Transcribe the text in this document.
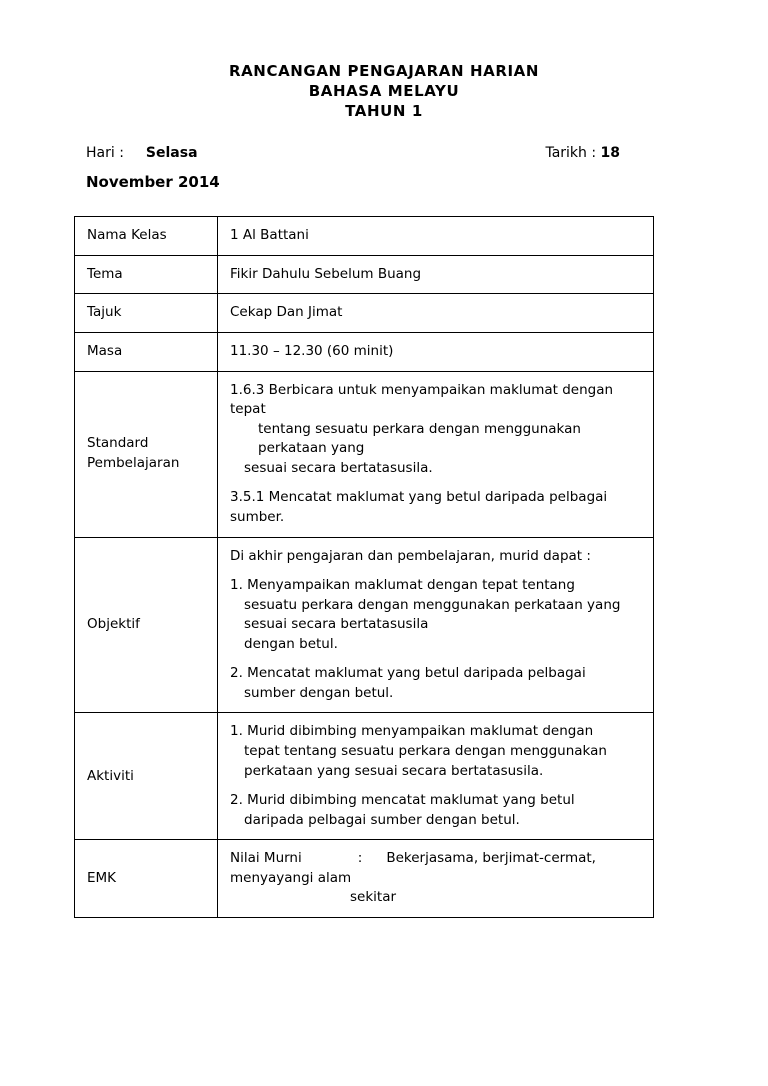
RANCANGAN PENGAJARAN HARIAN
BAHASA MELAYU
TAHUN 1
Hari : Selasa	Tarikh : 18
November 2014
Nama Kelas	1 Al Battani
Tema	Fikir Dahulu Sebelum Buang
Tajuk	Cekap Dan Jimat
Masa	11.30 – 12.30 (60 minit)
Standard Pembelajaran	1.6.3 Berbicara untuk menyampaikan maklumat dengan tepat
tentang sesuatu perkara dengan menggunakan perkataan yang
sesuai secara bertatasusila.
3.5.1 Mencatat maklumat yang betul daripada pelbagai
sumber.

Objektif	
Di akhir pengajaran dan pembelajaran, murid dapat :
1. Menyampaikan maklumat dengan tepat tentang
sesuatu perkara dengan menggunakan perkataan yang
sesuai secara bertatasusila
dengan betul.
2. Mencatat maklumat yang betul daripada pelbagai
sumber dengan betul.

Aktiviti	1. Murid dibimbing menyampaikan maklumat dengan
tepat tentang sesuatu perkara dengan menggunakan
perkataan yang sesuai secara bertatasusila.
2. Murid dibimbing mencatat maklumat yang betul
daripada pelbagai sumber dengan betul.

EMK	Nilai Murni : Bekerjasama, berjimat-cermat,
menyayangi alam
sekitar
